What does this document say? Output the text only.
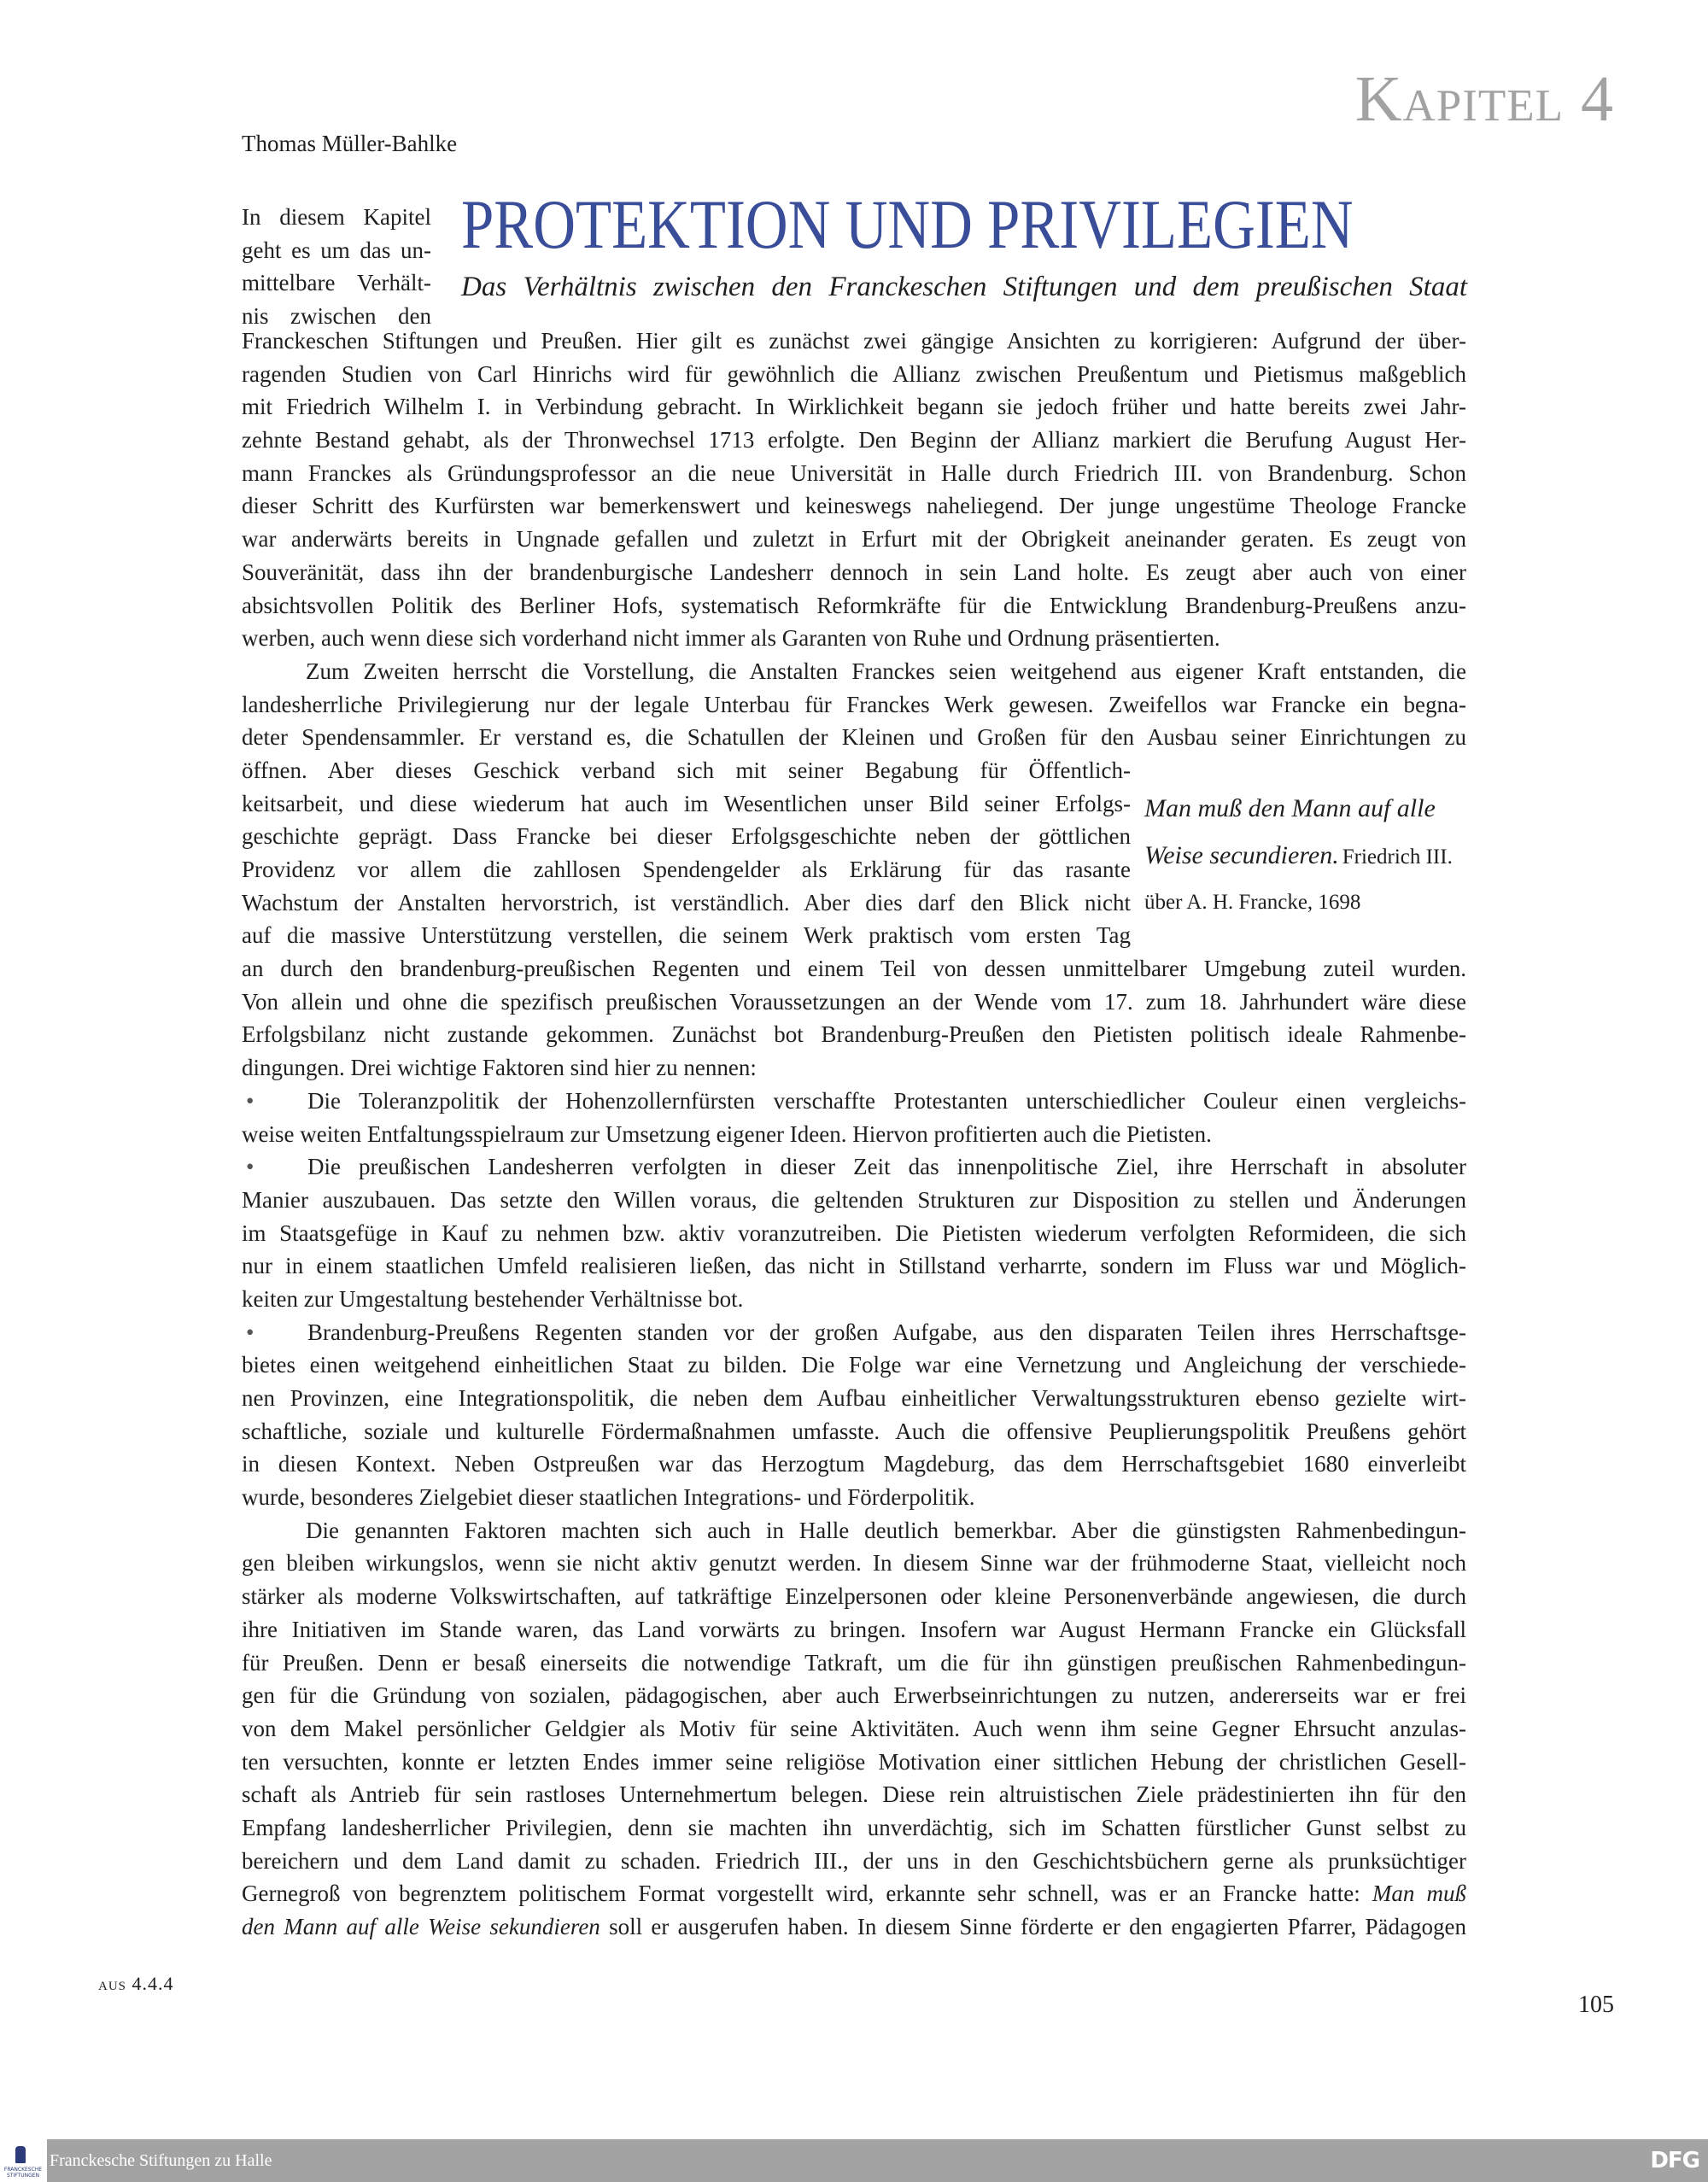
Kapitel 4
Thomas Müller-Bahlke
In diesem Kapitel
geht es um das un-
mittelbare Verhält-
nis zwischen den
PROTEKTION UND PRIVILEGIEN
Das Verhältnis zwischen den Franckeschen Stiftungen und dem preußischen Staat
Franckeschen Stiftungen und Preußen. Hier gilt es zunächst zwei gängige Ansichten zu korrigieren: Aufgrund der über-
ragenden Studien von Carl Hinrichs wird für gewöhnlich die Allianz zwischen Preußentum und Pietismus maßgeblich
mit Friedrich Wilhelm I. in Verbindung gebracht. In Wirklichkeit begann sie jedoch früher und hatte bereits zwei Jahr-
zehnte Bestand gehabt, als der Thronwechsel 1713 erfolgte. Den Beginn der Allianz markiert die Berufung August Her-
mann Franckes als Gründungsprofessor an die neue Universität in Halle durch Friedrich III. von Brandenburg. Schon
dieser Schritt des Kurfürsten war bemerkenswert und keineswegs naheliegend. Der junge ungestüme Theologe Francke
war anderwärts bereits in Ungnade gefallen und zuletzt in Erfurt mit der Obrigkeit aneinander geraten. Es zeugt von
Souveränität, dass ihn der brandenburgische Landesherr dennoch in sein Land holte. Es zeugt aber auch von einer
absichtsvollen Politik des Berliner Hofs, systematisch Reformkräfte für die Entwicklung Brandenburg-Preußens anzu-
werben, auch wenn diese sich vorderhand nicht immer als Garanten von Ruhe und Ordnung präsentierten.
Zum Zweiten herrscht die Vorstellung, die Anstalten Franckes seien weitgehend aus eigener Kraft entstanden, die
landesherrliche Privilegierung nur der legale Unterbau für Franckes Werk gewesen. Zweifellos war Francke ein begna-
deter Spendensammler. Er verstand es, die Schatullen der Kleinen und Großen für den Ausbau seiner Einrichtungen zu
öffnen. Aber dieses Geschick verband sich mit seiner Begabung für Öffentlich-
keitsarbeit, und diese wiederum hat auch im Wesentlichen unser Bild seiner Erfolgs-
geschichte geprägt. Dass Francke bei dieser Erfolgsgeschichte neben der göttlichen
Providenz vor allem die zahllosen Spendengelder als Erklärung für das rasante
Wachstum der Anstalten hervorstrich, ist verständlich. Aber dies darf den Blick nicht
auf die massive Unterstützung verstellen, die seinem Werk praktisch vom ersten Tag
an durch den brandenburg-preußischen Regenten und einem Teil von dessen unmittelbarer Umgebung zuteil wurden.
Von allein und ohne die spezifisch preußischen Voraussetzungen an der Wende vom 17. zum 18. Jahrhundert wäre diese
Erfolgsbilanz nicht zustande gekommen. Zunächst bot Brandenburg-Preußen den Pietisten politisch ideale Rahmenbe-
dingungen. Drei wichtige Faktoren sind hier zu nennen:
• Die Toleranzpolitik der Hohenzollernfürsten verschaffte Protestanten unterschiedlicher Couleur einen vergleichs-
weise weiten Entfaltungsspielraum zur Umsetzung eigener Ideen. Hiervon profitierten auch die Pietisten.
• Die preußischen Landesherren verfolgten in dieser Zeit das innenpolitische Ziel, ihre Herrschaft in absoluter
Manier auszubauen. Das setzte den Willen voraus, die geltenden Strukturen zur Disposition zu stellen und Änderungen
im Staatsgefüge in Kauf zu nehmen bzw. aktiv voranzutreiben. Die Pietisten wiederum verfolgten Reformideen, die sich
nur in einem staatlichen Umfeld realisieren ließen, das nicht in Stillstand verharrte, sondern im Fluss war und Möglich-
keiten zur Umgestaltung bestehender Verhältnisse bot.
• Brandenburg-Preußens Regenten standen vor der großen Aufgabe, aus den disparaten Teilen ihres Herrschaftsge-
bietes einen weitgehend einheitlichen Staat zu bilden. Die Folge war eine Vernetzung und Angleichung der verschiede-
nen Provinzen, eine Integrationspolitik, die neben dem Aufbau einheitlicher Verwaltungsstrukturen ebenso gezielte wirt-
schaftliche, soziale und kulturelle Fördermaßnahmen umfasste. Auch die offensive Peuplierungspolitik Preußens gehört
in diesen Kontext. Neben Ostpreußen war das Herzogtum Magdeburg, das dem Herrschaftsgebiet 1680 einverleibt
wurde, besonderes Zielgebiet dieser staatlichen Integrations- und Förderpolitik.
Die genannten Faktoren machten sich auch in Halle deutlich bemerkbar. Aber die günstigsten Rahmenbedingun-
gen bleiben wirkungslos, wenn sie nicht aktiv genutzt werden. In diesem Sinne war der frühmoderne Staat, vielleicht noch
stärker als moderne Volkswirtschaften, auf tatkräftige Einzelpersonen oder kleine Personenverbände angewiesen, die durch
ihre Initiativen im Stande waren, das Land vorwärts zu bringen. Insofern war August Hermann Francke ein Glücksfall
für Preußen. Denn er besaß einerseits die notwendige Tatkraft, um die für ihn günstigen preußischen Rahmenbedingun-
gen für die Gründung von sozialen, pädagogischen, aber auch Erwerbseinrichtungen zu nutzen, andererseits war er frei
von dem Makel persönlicher Geldgier als Motiv für seine Aktivitäten. Auch wenn ihm seine Gegner Ehrsucht anzulas-
ten versuchten, konnte er letzten Endes immer seine religiöse Motivation einer sittlichen Hebung der christlichen Gesell-
schaft als Antrieb für sein rastloses Unternehmertum belegen. Diese rein altruistischen Ziele prädestinierten ihn für den
Empfang landesherrlicher Privilegien, denn sie machten ihn unverdächtig, sich im Schatten fürstlicher Gunst selbst zu
bereichern und dem Land damit zu schaden. Friedrich III., der uns in den Geschichtsbüchern gerne als prunksüchtiger
Gernegroß von begrenztem politischem Format vorgestellt wird, erkannte sehr schnell, was er an Francke hatte: Man muß
den Mann auf alle Weise sekundieren soll er ausgerufen haben. In diesem Sinne förderte er den engagierten Pfarrer, Pädagogen
Man muß den Mann auf alle
Weise secundieren. Friedrich III.
über A. H. Francke, 1698
aus 4.4.4
105
FRANCKESCHE STIFTUNGEN
Franckesche Stiftungen zu Halle	DFG
